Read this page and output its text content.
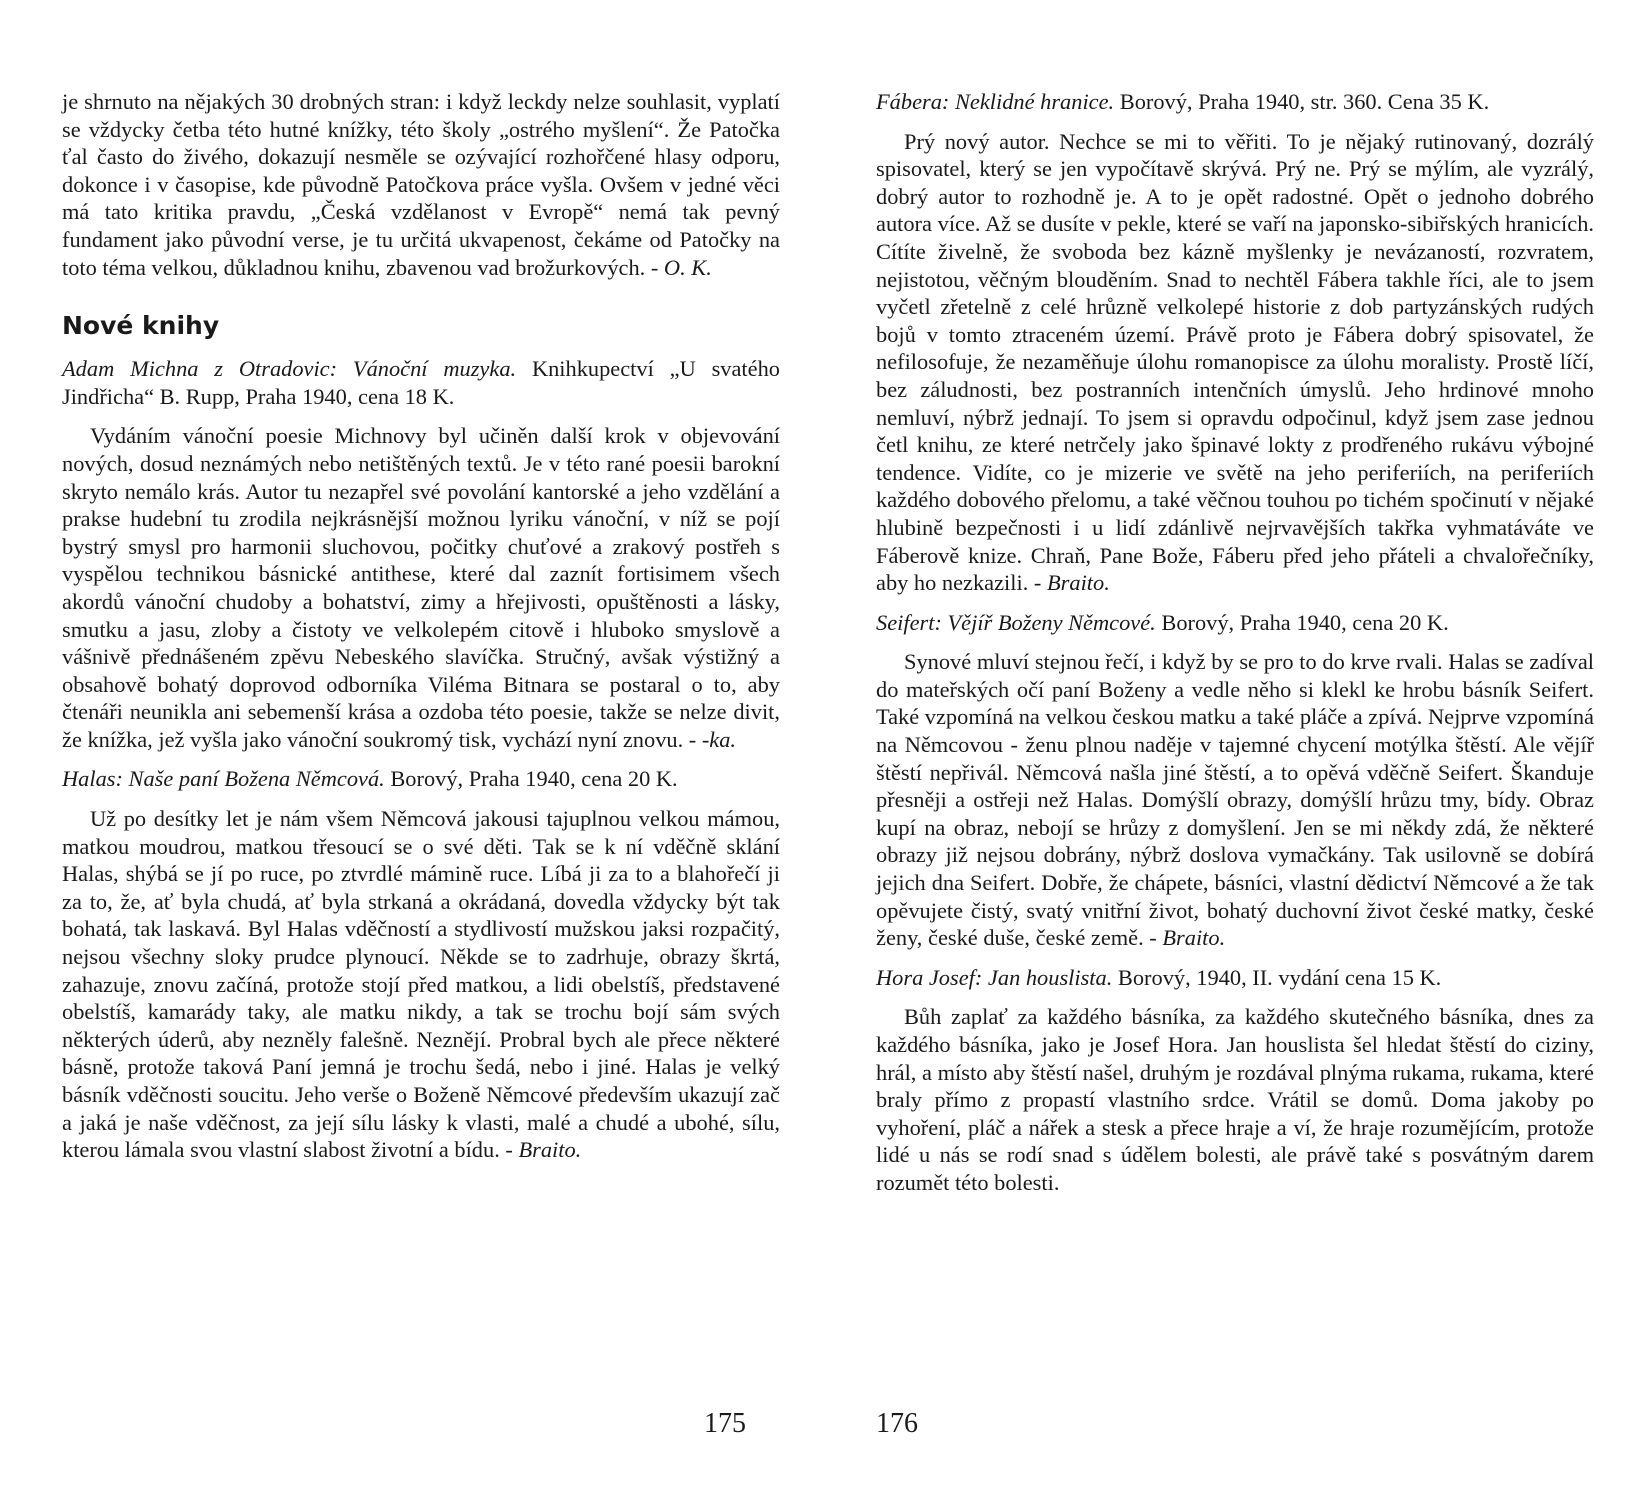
je shrnuto na nějakých 30 drobných stran: i když leckdy nelze souhlasit, vyplatí se vždycky četba této hutné knížky, této školy „ostrého myšlení“. Že Patočka ťal často do živého, dokazují nesměle se ozývající rozhořčené hlasy odporu, dokonce i v časopise, kde původně Patočkova práce vyšla. Ovšem v jedné věci má tato kritika pravdu, „Česká vzdělanost v Evropě“ nemá tak pevný fundament jako původní verse, je tu určitá ukvapenost, čekáme od Patočky na toto téma velkou, důkladnou knihu, zbavenou vad brožurkových. - O. K.

Nové knihy

Adam Michna z Otradovic: Vánoční muzyka. Knihkupectví „U svatého Jindřicha“ B. Rupp, Praha 1940, cena 18 K.

Vydáním vánoční poesie Michnovy byl učiněn další krok v objevování nových, dosud neznámých nebo netištěných textů. Je v této rané poesii barokní skryto nemálo krás. Autor tu nezapřel své povolání kantorské a jeho vzdělání a prakse hudební tu zrodila nejkrásnější možnou lyriku vánoční, v níž se pojí bystrý smysl pro harmonii sluchovou, počitky chuťové a zrakový postřeh s vyspělou technikou básnické antithese, které dal zaznít fortisimem všech akordů vánoční chudoby a bohatství, zimy a hřejivosti, opuštěnosti a lásky, smutku a jasu, zloby a čistoty ve velkolepém citově i hluboko smyslově a vášnivě přednášeném zpěvu Nebeského slavíčka. Stručný, avšak výstižný a obsahově bohatý doprovod odborníka Viléma Bitnara se postaral o to, aby čtenáři neunikla ani sebemenší krása a ozdoba této poesie, takže se nelze divit, že knížka, jež vyšla jako vánoční soukromý tisk, vychází nyní znovu. - -ka.

Halas: Naše paní Božena Němcová. Borový, Praha 1940, cena 20 K.

Už po desítky let je nám všem Němcová jakousi tajuplnou velkou mámou, matkou moudrou, matkou třesoucí se o své děti. Tak se k ní vděčně sklání Halas, shýbá se jí po ruce, po ztvrdlé mámině ruce. Líbá ji za to a blahořečí ji za to, že, ať byla chudá, ať byla strkaná a okrádaná, dovedla vždycky být tak bohatá, tak laskavá. Byl Halas vděčností a stydlivostí mužskou jaksi rozpačitý, nejsou všechny sloky prudce plynoucí. Někde se to zadrhuje, obrazy škrtá, zahazuje, znovu začíná, protože stojí před matkou, a lidi obelstíš, představené obelstíš, kamarády taky, ale matku nikdy, a tak se trochu bojí sám svých některých úderů, aby nezněly falešně. Neznějí. Probral bych ale přece některé básně, protože taková Paní jemná je trochu šedá, nebo i jiné. Halas je velký básník vděčnosti soucitu. Jeho verše o Boženě Němcové především ukazují zač a jaká je naše vděčnost, za její sílu lásky k vlasti, malé a chudé a ubohé, sílu, kterou lámala svou vlastní slabost životní a bídu. - Braito.

Fábera: Neklidné hranice. Borový, Praha 1940, str. 360. Cena 35 K.

Prý nový autor. Nechce se mi to věřiti. To je nějaký rutinovaný, dozrálý spisovatel, který se jen vypočítavě skrývá. Prý ne. Prý se mýlím, ale vyzrálý, dobrý autor to rozhodně je. A to je opět radostné. Opět o jednoho dobrého autora více. Až se dusíte v pekle, které se vaří na japonsko-sibiřských hranicích. Cítíte živelně, že svoboda bez kázně myšlenky je nevázaností, rozvratem, nejistotou, věčným blouděním. Snad to nechtěl Fábera takhle říci, ale to jsem vyčetl zřetelně z celé hrůzně velkolepé historie z dob partyzánských rudých bojů v tomto ztraceném území. Právě proto je Fábera dobrý spisovatel, že nefilosofuje, že nezaměňuje úlohu romanopisce za úlohu moralisty. Prostě líčí, bez záludnosti, bez postranních intenčních úmyslů. Jeho hrdinové mnoho nemluví, nýbrž jednají. To jsem si opravdu odpočinul, když jsem zase jednou četl knihu, ze které netrčely jako špinavé lokty z prodřeného rukávu výbojné tendence. Vidíte, co je mizerie ve světě na jeho periferiích, na periferiích každého dobového přelomu, a také věčnou touhou po tichém spočinutí v nějaké hlubině bezpečnosti i u lidí zdánlivě nejrvavějších takřka vyhmatáváte ve Fáberově knize. Chraň, Pane Bože, Fáberu před jeho přáteli a chvalořečníky, aby ho nezkazili. - Braito.

Seifert: Vějíř Boženy Němcové. Borový, Praha 1940, cena 20 K.

Synové mluví stejnou řečí, i když by se pro to do krve rvali. Halas se zadíval do mateřských očí paní Boženy a vedle něho si klekl ke hrobu básník Seifert. Také vzpomíná na velkou českou matku a také pláče a zpívá. Nejprve vzpomíná na Němcovou - ženu plnou naděje v tajemné chycení motýlka štěstí. Ale vějíř štěstí nepřivál. Němcová našla jiné štěstí, a to opěvá vděčně Seifert. Škanduje přesněji a ostřeji než Halas. Domýšlí obrazy, domýšlí hrůzu tmy, bídy. Obraz kupí na obraz, nebojí se hrůzy z domyšlení. Jen se mi někdy zdá, že některé obrazy již nejsou dobrány, nýbrž doslova vymačkány. Tak usilovně se dobírá jejich dna Seifert. Dobře, že chápete, básníci, vlastní dědictví Němcové a že tak opěvujete čistý, svatý vnitřní život, bohatý duchovní život české matky, české ženy, české duše, české země. - Braito.

Hora Josef: Jan houslista. Borový, 1940, II. vydání cena 15 K.

Bůh zaplať za každého básníka, za každého skutečného básníka, dnes za každého básníka, jako je Josef Hora. Jan houslista šel hledat štěstí do ciziny, hrál, a místo aby štěstí našel, druhým je rozdával plnýma rukama, rukama, které braly přímo z propastí vlastního srdce. Vrátil se domů. Doma jakoby po vyhoření, pláč a nářek a stesk a přece hraje a ví, že hraje rozumějícím, protože lidé u nás se rodí snad s údělem bolesti, ale právě také s posvátným darem rozumět této bolesti.

175	176
